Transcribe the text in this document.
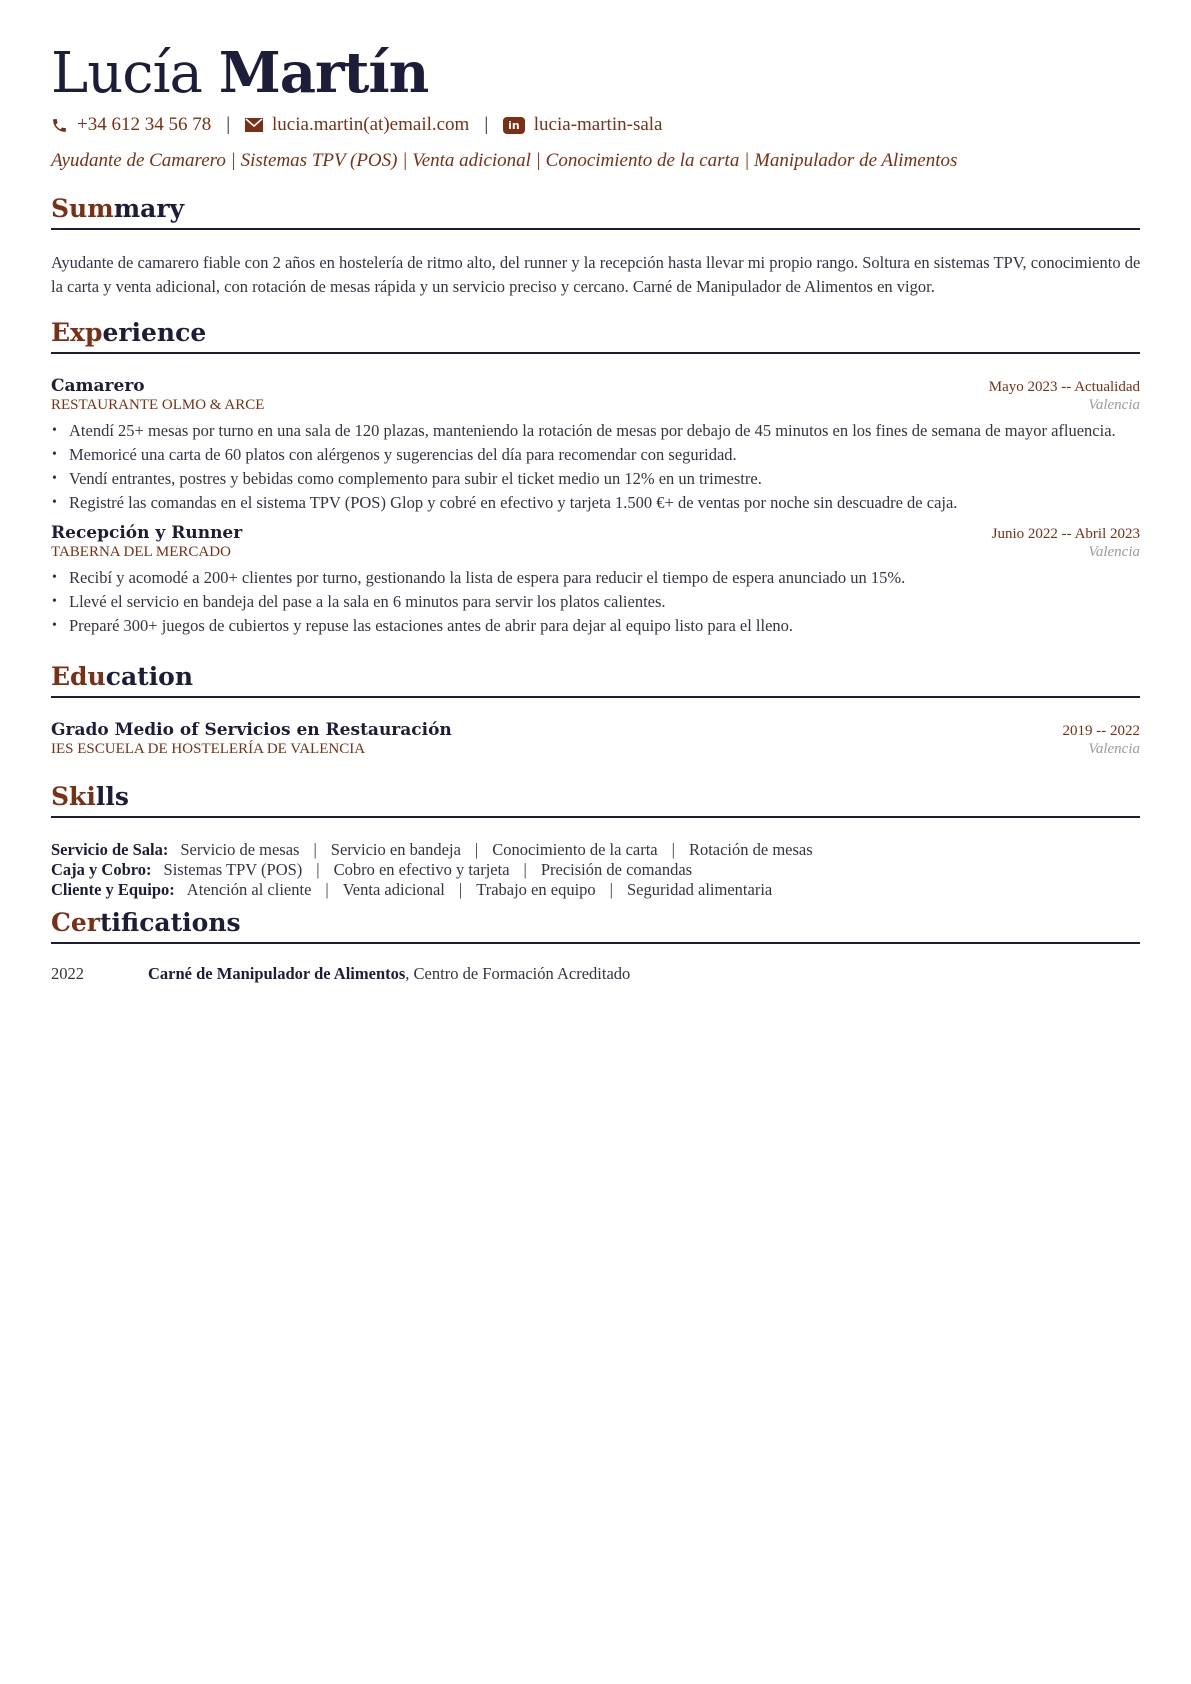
Lucía Martín
+34 612 34 56 78 | lucia.martin(at)email.com |	in lucia-martin-sala
Ayudante de Camarero | Sistemas TPV (POS) | Venta adicional | Conocimiento de la carta | Manipulador de Alimentos
Summary

Ayudante de camarero fiable con 2 años en hostelería de ritmo alto, del runner y la recepción hasta llevar mi propio rango. Soltura en sistemas TPV, conocimiento de la carta y venta adicional, con rotación de mesas rápida y un servicio preciso y cercano. Carné de Manipulador de Alimentos en vigor.

Experience
Camarero	Mayo 2023 -- Actualidad
RESTAURANTE OLMO & ARCE	Valencia
• Atendí 25+ mesas por turno en una sala de 120 plazas, manteniendo la rotación de mesas por debajo de 45 minutos en los fines de semana de mayor afluencia.
• Memoricé una carta de 60 platos con alérgenos y sugerencias del día para recomendar con seguridad.
• Vendí entrantes, postres y bebidas como complemento para subir el ticket medio un 12% en un trimestre.
• Registré las comandas en el sistema TPV (POS) Glop y cobré en efectivo y tarjeta 1.500 €+ de ventas por noche sin descuadre de caja.
Recepción y Runner	Junio 2022 -- Abril 2023
TABERNA DEL MERCADO	Valencia
• Recibí y acomodé a 200+ clientes por turno, gestionando la lista de espera para reducir el tiempo de espera anunciado un 15%.
• Llevé el servicio en bandeja del pase a la sala en 6 minutos para servir los platos calientes.
• Preparé 300+ juegos de cubiertos y repuse las estaciones antes de abrir para dejar al equipo listo para el lleno.
Education
Grado Medio of Servicios en Restauración	2019 -- 2022
IES ESCUELA DE HOSTELERÍA DE VALENCIA	Valencia
Skills
Servicio de Sala: Servicio de mesas | Servicio en bandeja | Conocimiento de la carta | Rotación de mesas
Caja y Cobro: Sistemas TPV (POS) | Cobro en efectivo y tarjeta | Precisión de comandas
Cliente y Equipo: Atención al cliente | Venta adicional | Trabajo en equipo | Seguridad alimentaria
Certifications
2022	Carné de Manipulador de Alimentos, Centro de Formación Acreditado
